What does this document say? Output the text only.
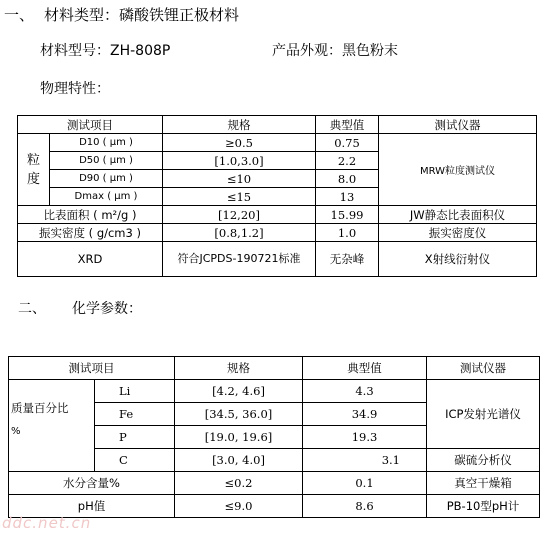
一、 材料类型：磷酸铁锂正极材料
材料型号：ZH-808P	产品外观：黑色粉末
物理特性：
测试项目		规格	典型值	测试仪器
粒
度	D10 ( μm )	≥0.5	0.75	MRW粒度测试仪
	D50 ( μm )	[1.0,3.0]	2.2	
	D90 ( μm )	≤10	8.0	
	Dmax ( μm )	≤15	13	
比表面积 ( m²/g )		[12,20]	15.99	JW静态比表面积仪
振实密度 ( g/cm3 )		[0.8,1.2]	1.0	振实密度仪
XRD		符合JCPDS-190721标准	无杂峰	X射线衍射仪
二、 化学参数：
测试项目		规格	典型值	测试仪器

质量百分比
%	Li	[4.2, 4.6]	4.3	ICP发射光谱仪
	Fe	[34.5, 36.0]	34.9	
	P	[19.0, 19.6]	19.3	
	C	[3.0, 4.0]	3.1	碳硫分析仪
水分含量%		≤0.2	0.1	真空干燥箱
pH值		≤9.0	8.6	PB-10型pH计
ddc.net.cn
